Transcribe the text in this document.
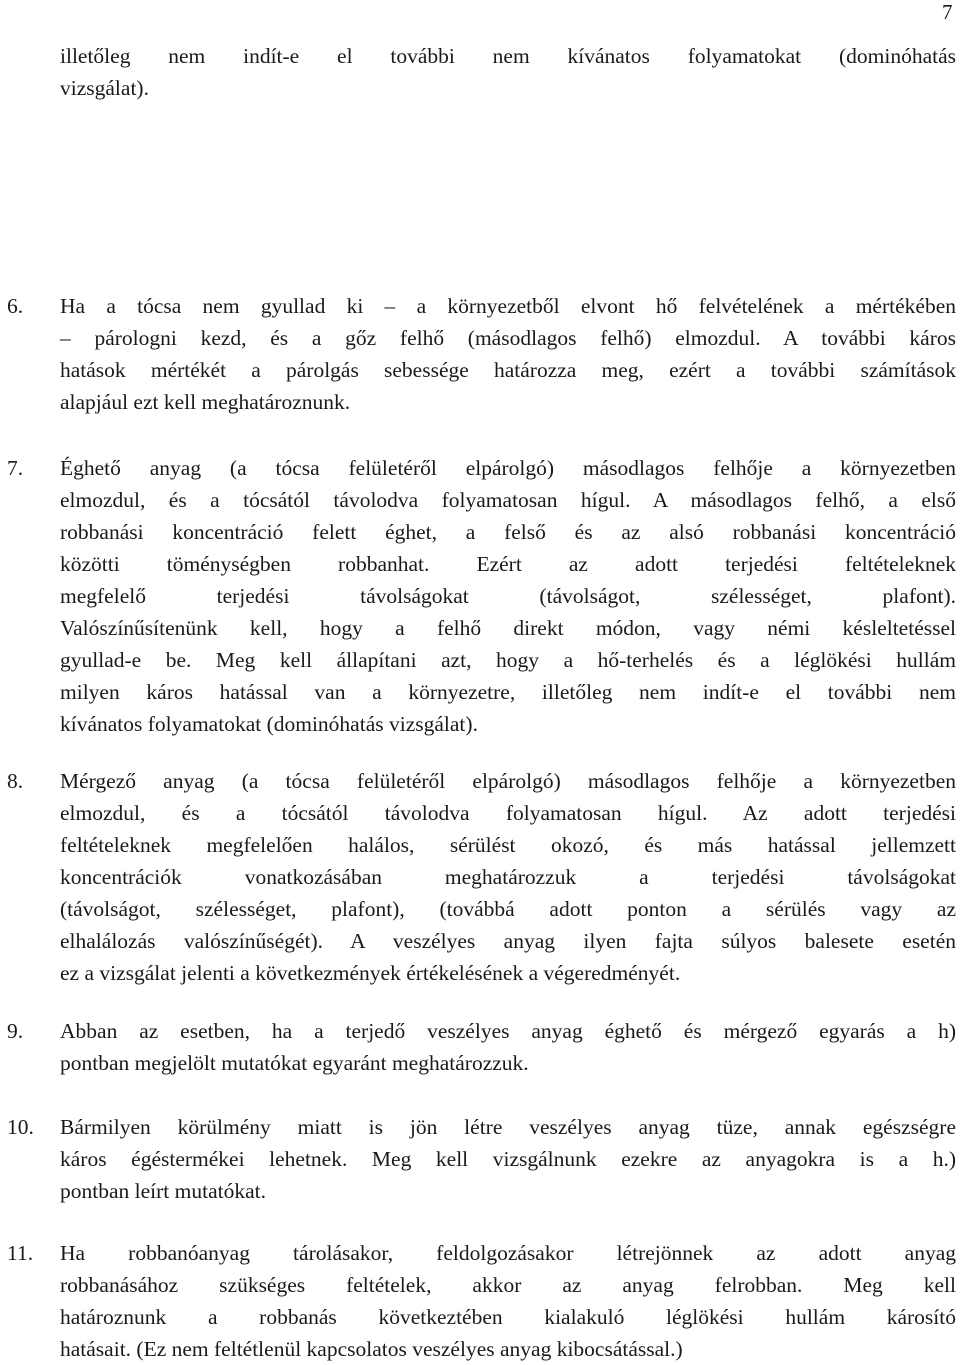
7
illetőleg nem indít-e el további nem kívánatos folyamatokat (dominóhatás
vizsgálat).
6. Ha a tócsa nem gyullad ki – a környezetből elvont hő felvételének a mértékében
– párologni kezd, és a gőz felhő (másodlagos felhő) elmozdul. A további káros
hatások mértékét a párolgás sebessége határozza meg, ezért a további számítások
alapjául ezt kell meghatároznunk.
7. Éghető anyag (a tócsa felületéről elpárolgó) másodlagos felhője a környezetben
elmozdul, és a tócsától távolodva folyamatosan hígul. A másodlagos felhő, a első
robbanási koncentráció felett éghet, a felső és az alsó robbanási koncentráció
közötti töménységben robbanhat. Ezért az adott terjedési feltételeknek
megfelelő terjedési távolságokat (távolságot, szélességet, plafont).
Valószínűsítenünk kell, hogy a felhő direkt módon, vagy némi késleltetéssel
gyullad-e be. Meg kell állapítani azt, hogy a hő-terhelés és a léglökési hullám
milyen káros hatással van a környezetre, illetőleg nem indít-e el további nem
kívánatos folyamatokat (dominóhatás vizsgálat).
8. Mérgező anyag (a tócsa felületéről elpárolgó) másodlagos felhője a környezetben
elmozdul, és a tócsától távolodva folyamatosan hígul. Az adott terjedési
feltételeknek megfelelően halálos, sérülést okozó, és más hatással jellemzett
koncentrációk vonatkozásában meghatározzuk a terjedési távolságokat
(távolságot, szélességet, plafont), (továbbá adott ponton a sérülés vagy az
elhalálozás valószínűségét). A veszélyes anyag ilyen fajta súlyos balesete esetén
ez a vizsgálat jelenti a következmények értékelésének a végeredményét.
9. Abban az esetben, ha a terjedő veszélyes anyag éghető és mérgező egyarás a h)
pontban megjelölt mutatókat egyaránt meghatározzuk.
10. Bármilyen körülmény miatt is jön létre veszélyes anyag tüze, annak egészségre
káros égéstermékei lehetnek. Meg kell vizsgálnunk ezekre az anyagokra is a h.)
pontban leírt mutatókat.
11. Ha robbanóanyag tárolásakor, feldolgozásakor létrejönnek az adott anyag
robbanásához szükséges feltételek, akkor az anyag felrobban. Meg kell
határoznunk a robbanás következtében kialakuló léglökési hullám károsító
hatásait. (Ez nem feltétlenül kapcsolatos veszélyes anyag kibocsátással.)
